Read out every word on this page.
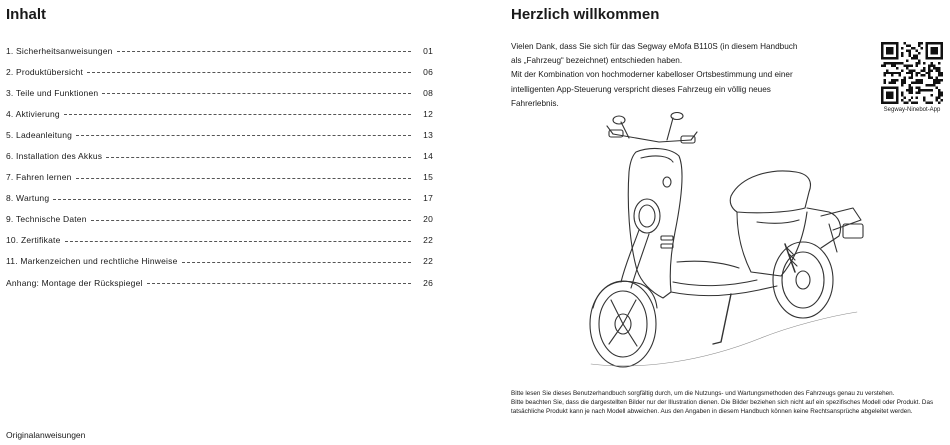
Inhalt
1. Sicherheitsanweisungen	01
2. Produktübersicht	06
3. Teile und Funktionen	08
4. Aktivierung	12
5. Ladeanleitung	13
6. Installation des Akkus	14
7. Fahren lernen	15
8. Wartung	17
9. Technische Daten	20
10. Zertifikate	22
11. Markenzeichen und rechtliche Hinweise	22
Anhang: Montage der Rückspiegel	26
Originalanweisungen
Herzlich willkommen

Vielen Dank, dass Sie sich für das Segway eMofa B110S (in diesem Handbuch
als „Fahrzeug“ bezeichnet) entschieden haben.
Mit der Kombination von hochmoderner kabelloser Ortsbestimmung und einer
intelligenten App-Steuerung verspricht dieses Fahrzeug ein völlig neues
Fahrerlebnis.

Segway-Ninebot-App

Bitte lesen Sie dieses Benutzerhandbuch sorgfältig durch, um die Nutzungs- und Wartungsmethoden des Fahrzeugs genau zu verstehen.

Bitte beachten Sie, dass die dargestellten Bilder nur der Illustration dienen. Die Bilder beziehen sich nicht auf ein spezifisches Modell oder Produkt. Das tatsächliche Produkt kann je nach Modell abweichen. Aus den Angaben in diesem Handbuch können keine Rechtsansprüche abgeleitet werden.
